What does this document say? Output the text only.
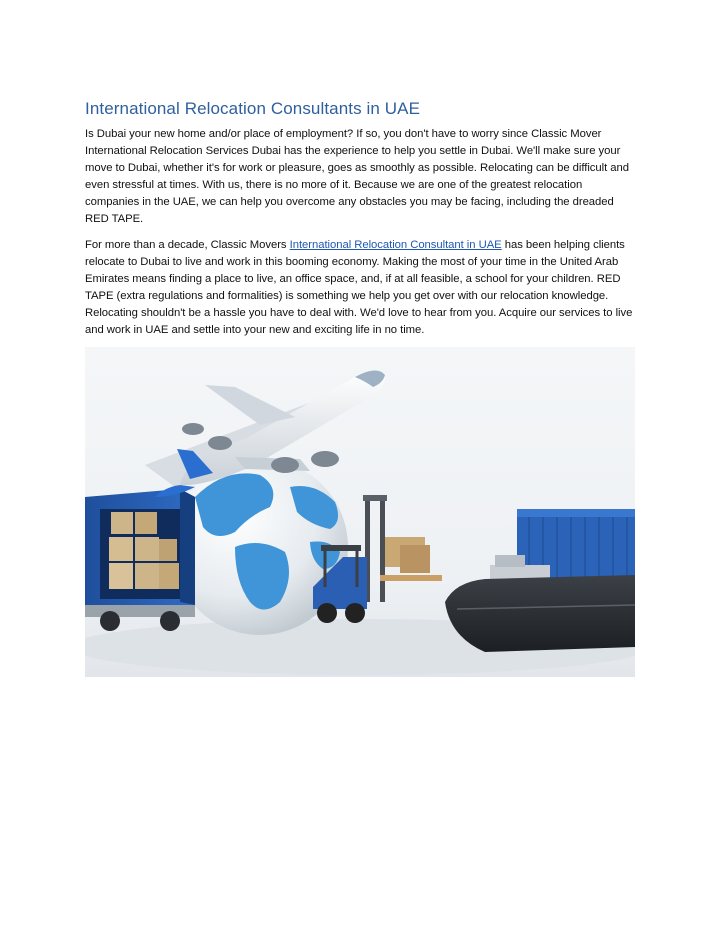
International Relocation Consultants in UAE

Is Dubai your new home and/or place of employment? If so, you don't have to worry since Classic Mover International Relocation Services Dubai has the experience to help you settle in Dubai. We'll make sure your move to Dubai, whether it's for work or pleasure, goes as smoothly as possible. Relocating can be difficult and even stressful at times. With us, there is no more of it. Because we are one of the greatest relocation companies in the UAE, we can help you overcome any obstacles you may be facing, including the dreaded RED TAPE.

For more than a decade, Classic Movers International Relocation Consultant in UAE has been helping clients relocate to Dubai to live and work in this booming economy. Making the most of your time in the United Arab Emirates means finding a place to live, an office space, and, if at all feasible, a school for your children. RED TAPE (extra regulations and formalities) is something we help you get over with our relocation knowledge. Relocating shouldn't be a hassle you have to deal with. We'd love to hear from you. Acquire our services to live and work in UAE and settle into your new and exciting life in no time.
